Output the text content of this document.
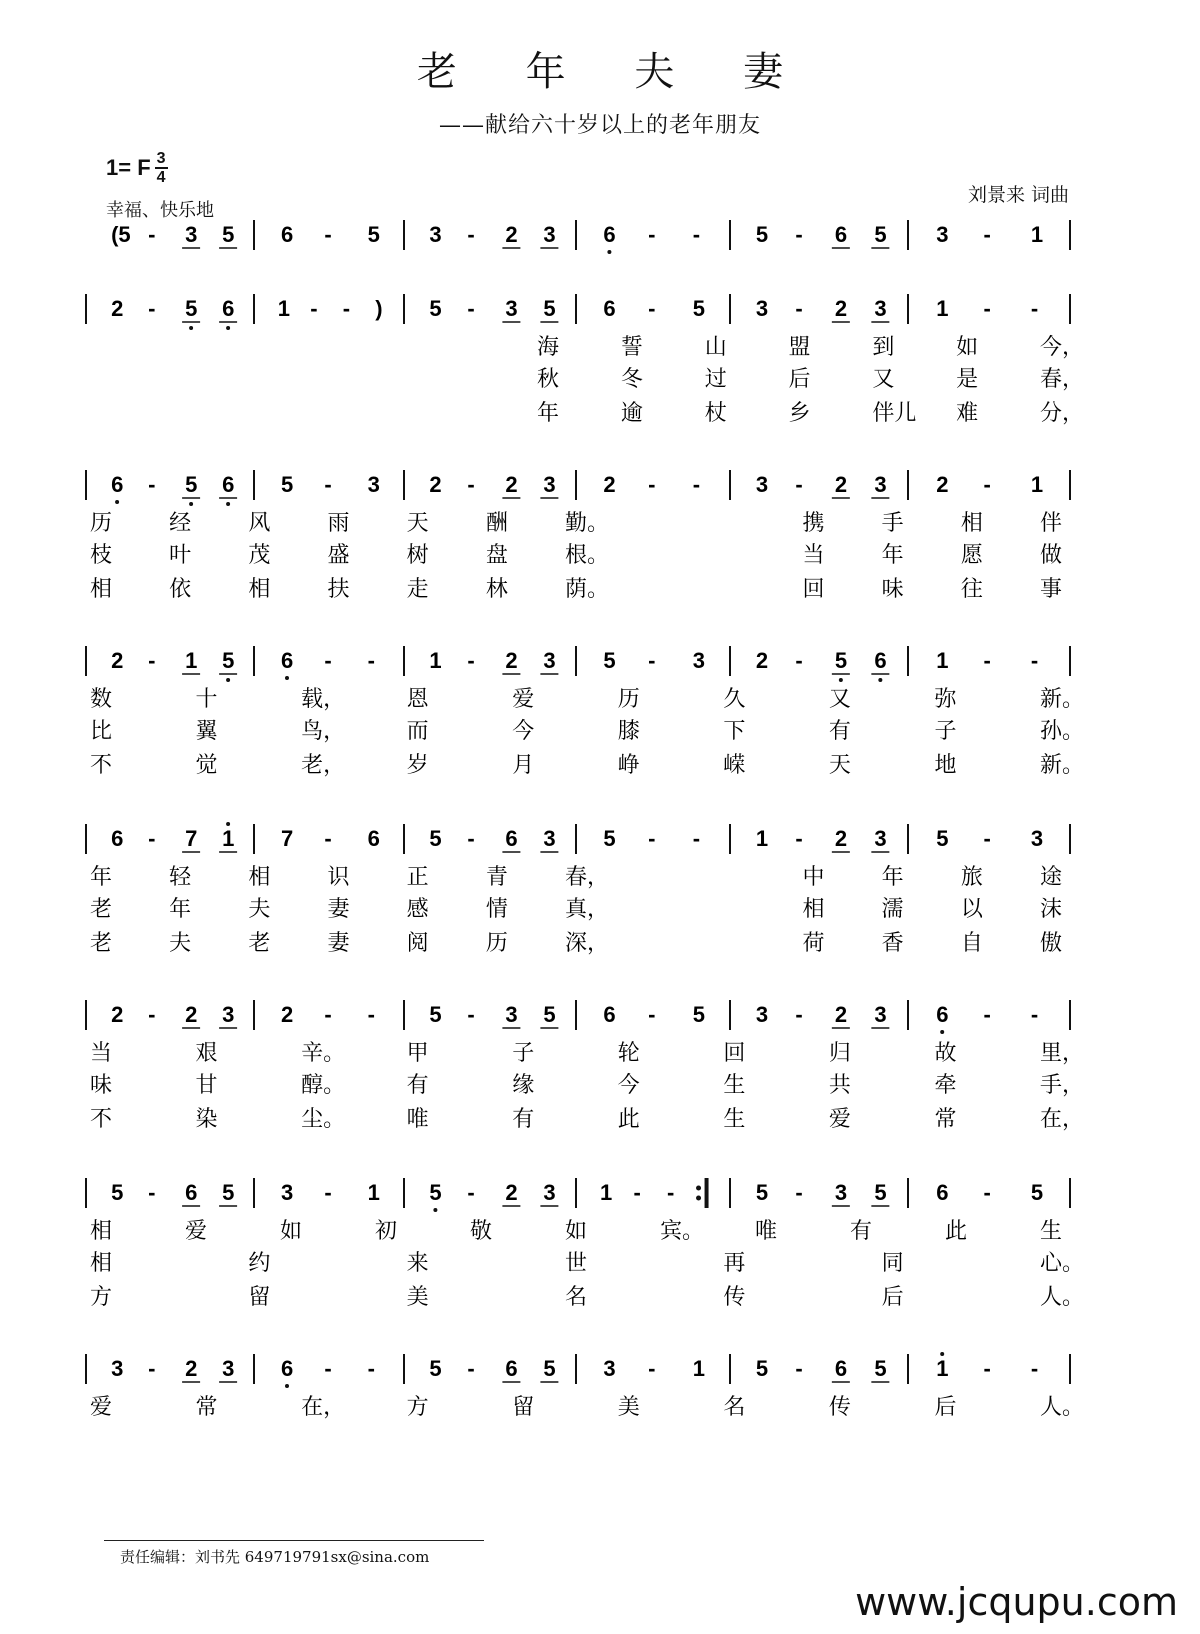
老 年 夫 妻
——献给六十岁以上的老年朋友
1= F $\frac{3}{4}$
幸福、快乐地
刘景来 词曲
(5 - 3 5 6 - 5 3 - 2 3 6 - -	5 - 6 5 3 - 1
2 - 5 6 1 - - ) 5 - 3 5 6 - 5 3 - 2 3 1 - -
海	誓	山	盟	到	如	今，
秋	冬	过	后	又	是	春，
年	逾	杖	乡	伴儿 难	分，
6 - 5 6 5 - 3 2 - 2 3 2 - -	3 - 2 3 2 - 1
历	经	风	雨	天	酬	勤。	携	手	相	伴
枝	叶	茂	盛	树	盘	根。	当	年	愿	做
相	依	相	扶	走	林	荫。	回	味	往	事
2 - 1 5 6 - - 1 - 2 3 5 - 3 2 - 5 6 1 - -
数	十	载，	恩	爱	历	久	又	弥	新。
比	翼	鸟，	而	今	膝	下	有	子	孙。
不	觉	老，	岁	月	峥	嵘	天	地	新。
6 - 7 1 7 - 6 5 - 6 3 5 - -	1 - 2 3 5 - 3
年	轻	相	识	正	青	春，	中	年	旅	途
老	年	夫	妻	感	情	真，	相	濡	以	沫
老	夫	老	妻	阅	历	深，	荷	香	自	傲
2 - 2 3 2 - - 5 - 3 5 6 - 5 3 - 2 3 6 - -
当	艰	辛。	甲	子	轮	回	归	故	里，
味	甘	醇。	有	缘	今	生	共	牵	手，
不	染	尘。	唯	有	此	生	爱	常	在，
5 - 6 5 3 - 1 5 - 2 3 1 - -	5 - 3 5 6 - 5
相	爱	如	初	敬	如	宾。 唯	有	此	生
相	约	来	世	再	同	心。
方	留	美	名	传	后	人。
3 - 2 3 6 - - 5 - 6 5 3 - 1 5 - 6 5 1 - -
爱	常	在，	方	留	美	名	传	后	人。
责任编辑：刘书先 649719791sx@sina.com
www.jcqupu.com
